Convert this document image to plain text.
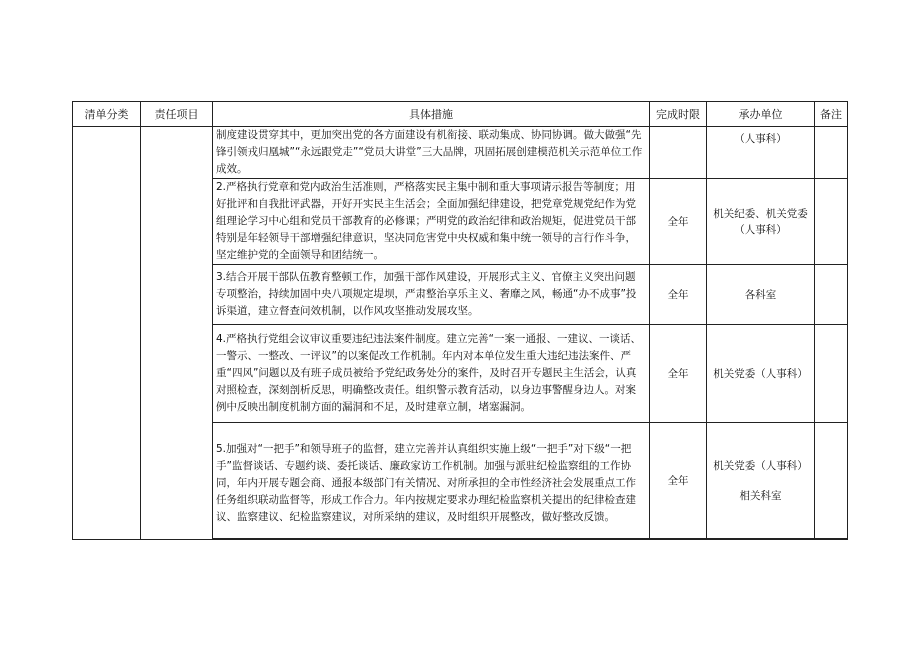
清单分类	责任项目	具体措施	完成时限	承办单位	备注
		制度建设贯穿其中，更加突出党的各方面建设有机衔接、联动集成、协同协调。做大做强“先锋引领戎归凰城”“永远跟党走”“党员大讲堂”三大品牌，巩固拓展创建模范机关示范单位工作成效。		（人事科）	

		2.严格执行党章和党内政治生活准则，严格落实民主集中制和重大事项请示报告等制度；用好批评和自我批评武器，开好开实民主生活会；全面加强纪律建设，把党章党规党纪作为党组理论学习中心组和党员干部教育的必修课；严明党的政治纪律和政治规矩，促进党员干部特别是年轻领导干部增强纪律意识，坚决同危害党中央权威和集中统一领导的言行作斗争，坚定维护党的全面领导和团结统一。	全年	机关纪委、机关党委
（人事科）	

		3.结合开展干部队伍教育整顿工作，加强干部作风建设，开展形式主义、官僚主义突出问题专项整治，持续加固中央八项规定堤坝，严肃整治享乐主义、奢靡之风，畅通“办不成事”投诉渠道，建立督查问效机制，以作风攻坚推动发展攻坚。	全年	各科室	

		4.严格执行党组会议审议重要违纪违法案件制度。建立完善“一案一通报、一建议、一谈话、一警示、一整改、一评议”的以案促改工作机制。年内对本单位发生重大违纪违法案件、严重“四风”问题以及有班子成员被给予党纪政务处分的案件，及时召开专题民主生活会，认真对照检查，深刻剖析反思，明确整改责任。组织警示教育活动，以身边事警醒身边人。对案例中反映出制度机制方面的漏洞和不足，及时建章立制，堵塞漏洞。	全年	机关党委（人事科）	

		5.加强对“一把手”和领导班子的监督，建立完善并认真组织实施上级“一把手”对下级“一把手”监督谈话、专题约谈、委托谈话、廉政家访工作机制。加强与派驻纪检监察组的工作协同，年内开展专题会商、通报本级部门有关情况、对所承担的全市性经济社会发展重点工作任务组织联动监督等，形成工作合力。年内按规定要求办理纪检监察机关提出的纪律检查建议、监察建议、纪检监察建议，对所采纳的建议，及时组织开展整改，做好整改反馈。	全年	机关党委（人事科）
相关科室	
